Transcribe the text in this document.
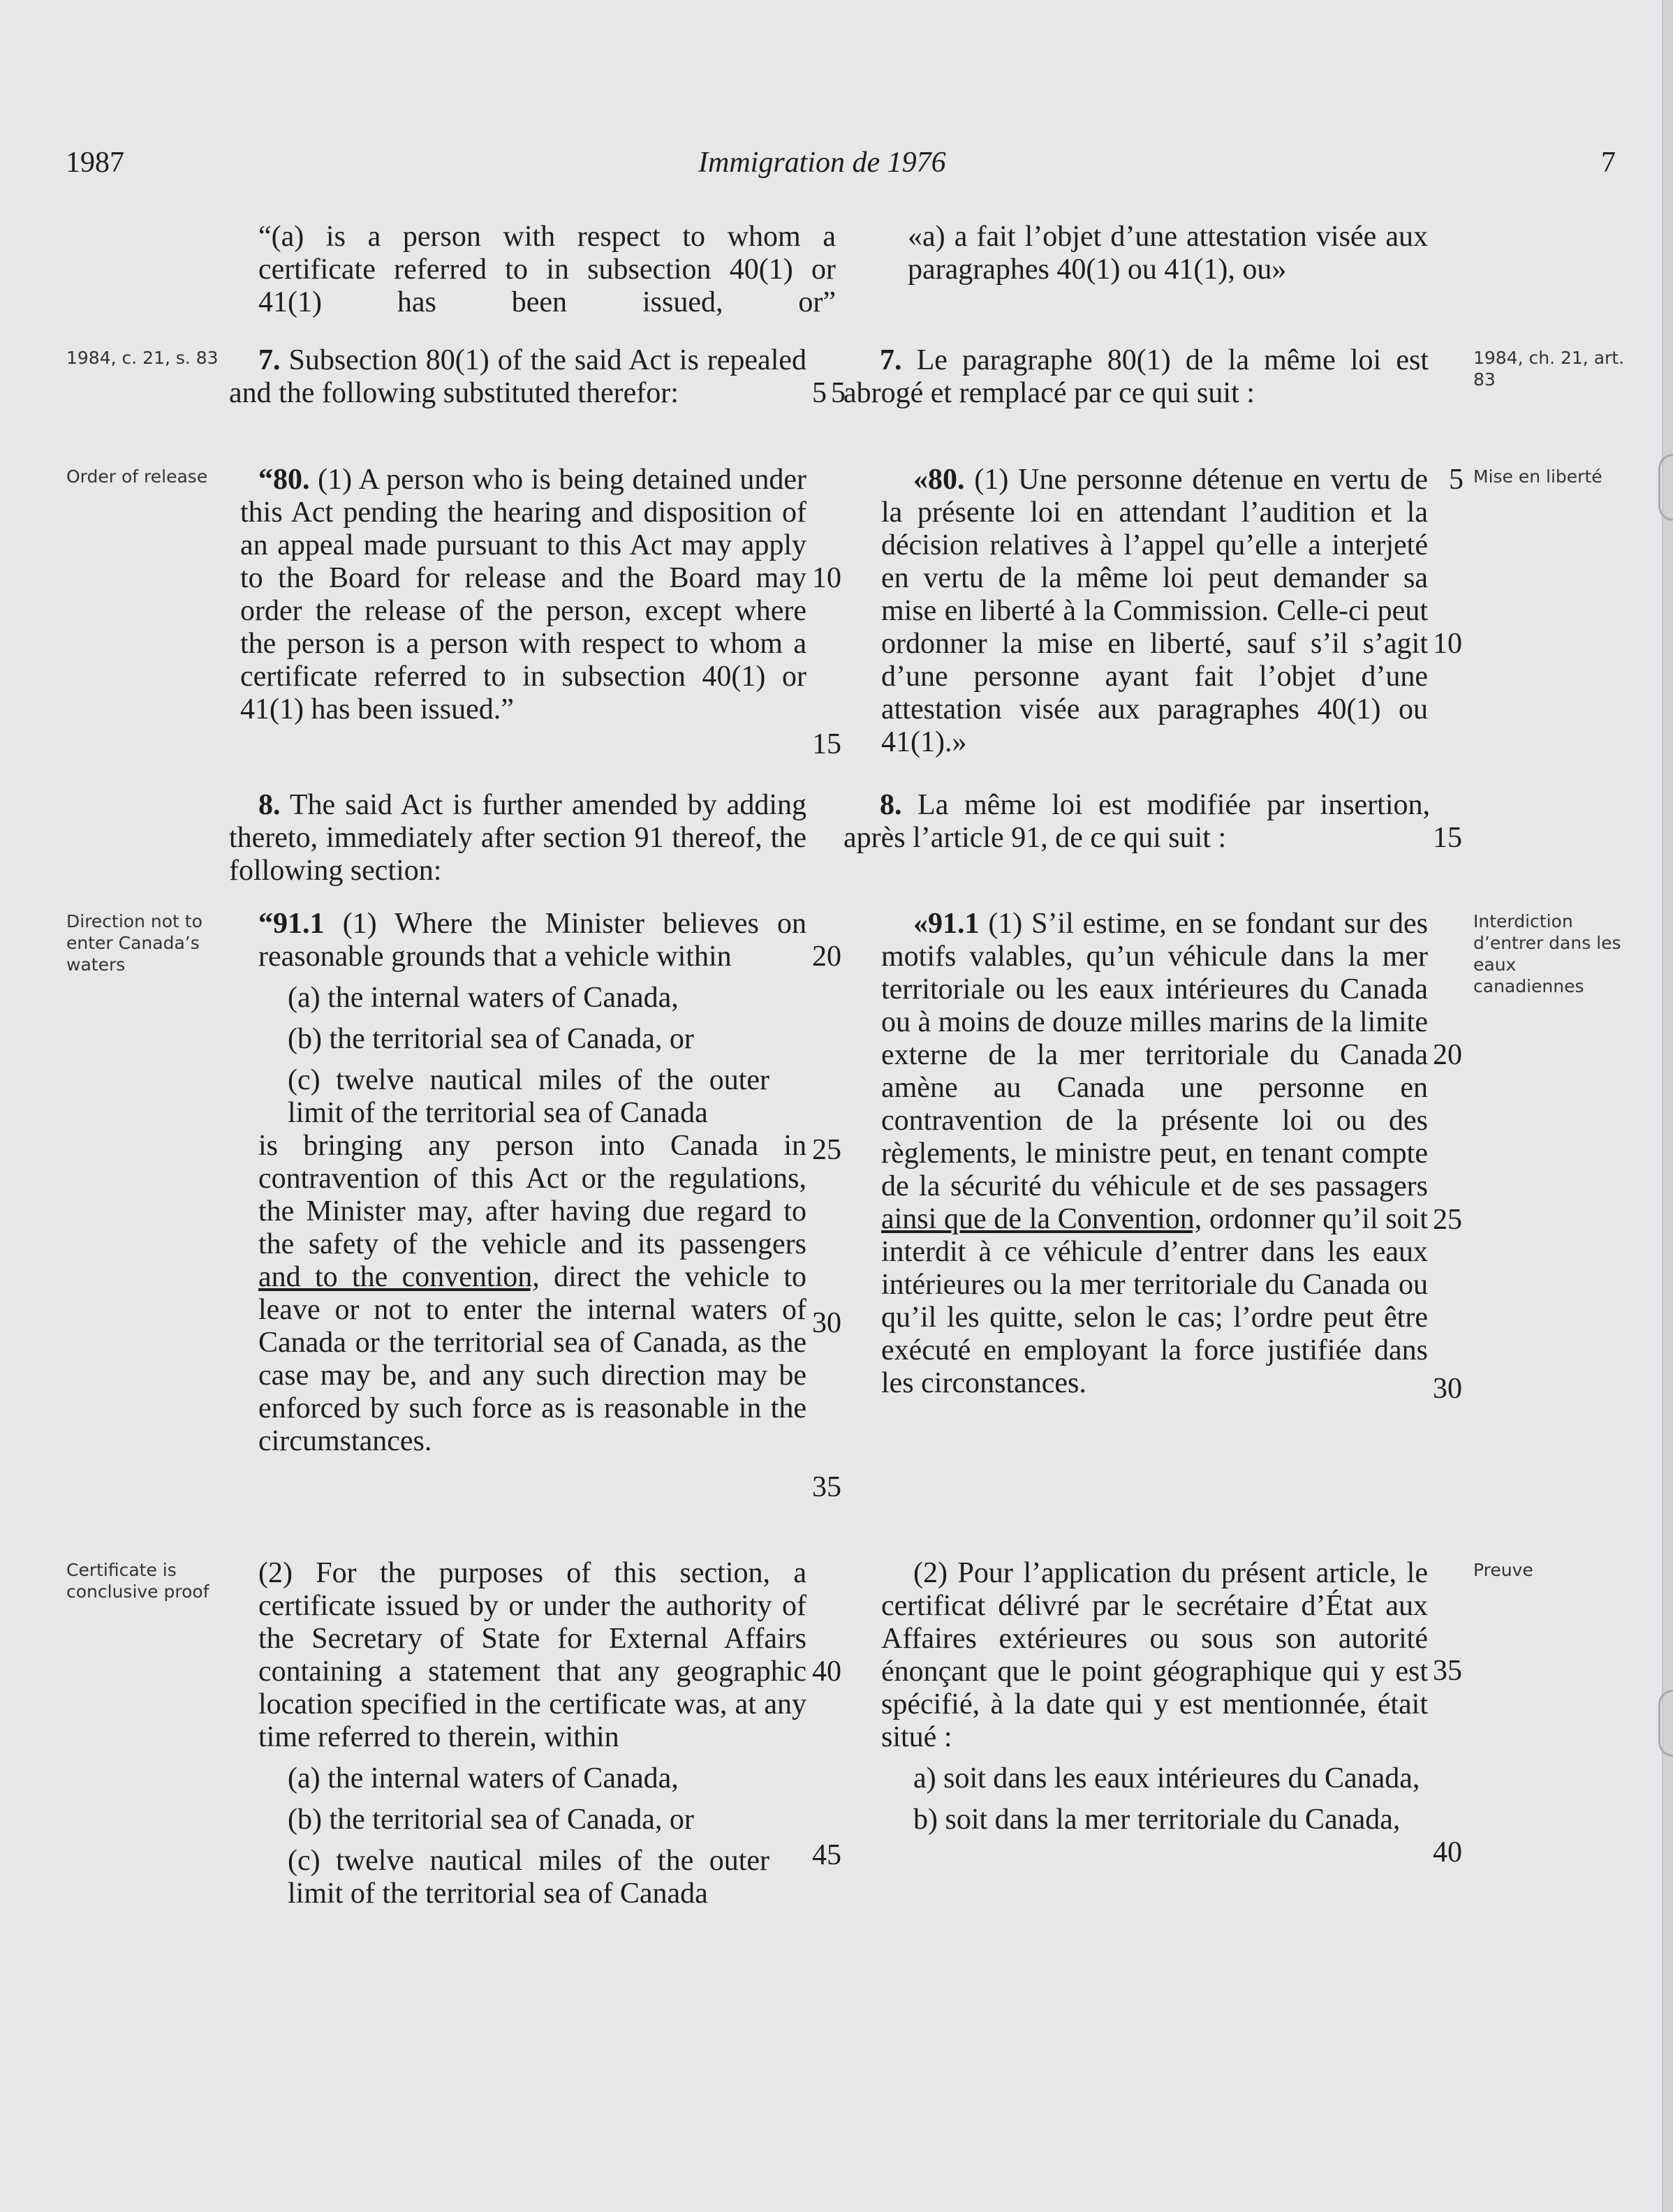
1987	Immigration de 1976	7

“(a) is a person with respect to whom a certificate referred to in subsection 40(1) or 41(1) has been issued, or”

7. Subsection 80(1) of the said Act is repealed and the following substituted therefor:

“80. (1) A person who is being detained under this Act pending the hearing and disposition of an appeal made pursuant to this Act may apply to the Board for release and the Board may order the release of the person, except where the person is a person with respect to whom a certificate referred to in subsection 40(1) or 41(1) has been issued.”

8. The said Act is further amended by adding thereto, immediately after section 91 thereof, the following section:

“91.1 (1) Where the Minister believes on reasonable grounds that a vehicle within

(a) the internal waters of Canada,

(b) the territorial sea of Canada, or

(c) twelve nautical miles of the outer limit of the territorial sea of Canada

is bringing any person into Canada in contravention of this Act or the regulations, the Minister may, after having due regard to the safety of the vehicle and its passengers and to the convention, direct the vehicle to leave or not to enter the internal waters of Canada or the territorial sea of Canada, as the case may be, and any such direction may be enforced by such force as is reasonable in the circumstances.

(2) For the purposes of this section, a certificate issued by or under the authority of the Secretary of State for External Affairs containing a statement that any geographic location specified in the certificate was, at any time referred to therein, within

(a) the internal waters of Canada,

(b) the territorial sea of Canada, or

(c) twelve nautical miles of the outer limit of the territorial sea of Canada

«a) a fait l’objet d’une attestation visée aux paragraphes 40(1) ou 41(1), ou»

7. Le paragraphe 80(1) de la même loi est abrogé et remplacé par ce qui suit :

«80. (1) Une personne détenue en vertu de la présente loi en attendant l’audition et la décision relatives à l’appel qu’elle a interjeté en vertu de la même loi peut demander sa mise en liberté à la Commission. Celle-ci peut ordonner la mise en liberté, sauf s’il s’agit d’une personne ayant fait l’objet d’une attestation visée aux paragraphes 40(1) ou 41(1).»

8. La même loi est modifiée par insertion, après l’article 91, de ce qui suit :

«91.1 (1) S’il estime, en se fondant sur des motifs valables, qu’un véhicule dans la mer territoriale ou les eaux intérieures du Canada ou à moins de douze milles marins de la limite externe de la mer territoriale du Canada amène au Canada une personne en contravention de la présente loi ou des règlements, le ministre peut, en tenant compte de la sécurité du véhicule et de ses passagers ainsi que de la Convention, ordonner qu’il soit interdit à ce véhicule d’entrer dans les eaux intérieures ou la mer territoriale du Canada ou qu’il les quitte, selon le cas; l’ordre peut être exécuté en employant la force justifiée dans les circonstances.

(2) Pour l’application du présent article, le certificat délivré par le secrétaire d’État aux Affaires extérieures ou sous son autorité énonçant que le point géographique qui y est spécifié, à la date qui y est mentionnée, était situé :

a) soit dans les eaux intérieures du Canada,

b) soit dans la mer territoriale du Canada,

1984, c. 21, s. 83
Order of release
Direction not to enter Canada’s waters
Certificate is conclusive proof
1984, ch. 21, art. 83
Mise en liberté
Interdiction d’entrer dans les eaux canadiennes
Preuve
5
10
15
20
25
30
35
40
45
5
10
15
20
25
30
35
40
5
